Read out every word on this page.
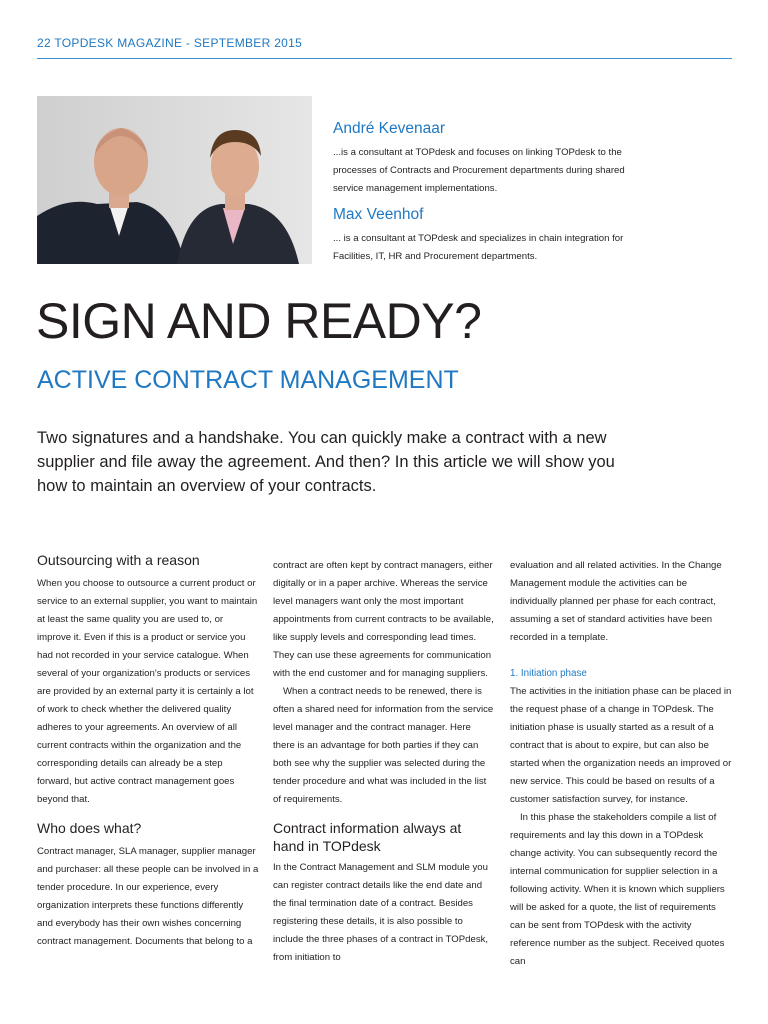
22 TOPDESK MAGAZINE - SEPTEMBER 2015
André Kevenaar

...is a consultant at TOPdesk and focuses on linking TOPdesk to the processes of Contracts and Procurement departments during shared service management implementations.

Max Veenhof

... is a consultant at TOPdesk and specializes in chain integration for Facilities, IT, HR and Procurement departments.

SIGN AND READY?
ACTIVE CONTRACT MANAGEMENT

Two signatures and a handshake. You can quickly make a contract with a new supplier and file away the agreement. And then? In this article we will show you how to maintain an overview of your contracts.

Outsourcing with a reason

When you choose to outsource a current product or service to an external supplier, you want to maintain at least the same quality you are used to, or improve it. Even if this is a product or service you had not recorded in your service catalogue. When several of your organization's products or services are provided by an external party it is certainly a lot of work to check whether the delivered quality adheres to your agreements. An overview of all current contracts within the organization and the corresponding details can already be a step forward, but active contract management goes beyond that.

Who does what?

Contract manager, SLA manager, supplier manager and purchaser: all these people can be involved in a tender procedure. In our experience, every organization interprets these functions differently and everybody has their own wishes concerning contract management. Documents that belong to a

contract are often kept by contract managers, either digitally or in a paper archive. Whereas the service level managers want only the most important appointments from current contracts to be available, like supply levels and corresponding lead times. They can use these agreements for communication with the end customer and for managing suppliers.

When a contract needs to be renewed, there is often a shared need for information from the service level manager and the contract manager. Here there is an advantage for both parties if they can both see why the supplier was selected during the tender procedure and what was included in the list of requirements.

Contract information always at hand in TOPdesk

In the Contract Management and SLM module you can register contract details like the end date and the final termination date of a contract. Besides registering these details, it is also possible to include the three phases of a contract in TOPdesk, from initiation to

evaluation and all related activities. In the Change Management module the activities can be individually planned per phase for each contract, assuming a set of standard activities have been recorded in a template.

1. Initiation phase

The activities in the initiation phase can be placed in the request phase of a change in TOPdesk. The initiation phase is usually started as a result of a contract that is about to expire, but can also be started when the organization needs an improved or new service. This could be based on results of a customer satisfaction survey, for instance.

In this phase the stakeholders compile a list of requirements and lay this down in a TOPdesk change activity. You can subsequently record the internal communication for supplier selection in a following activity. When it is known which suppliers will be asked for a quote, the list of requirements can be sent from TOPdesk with the activity reference number as the subject. Received quotes can
